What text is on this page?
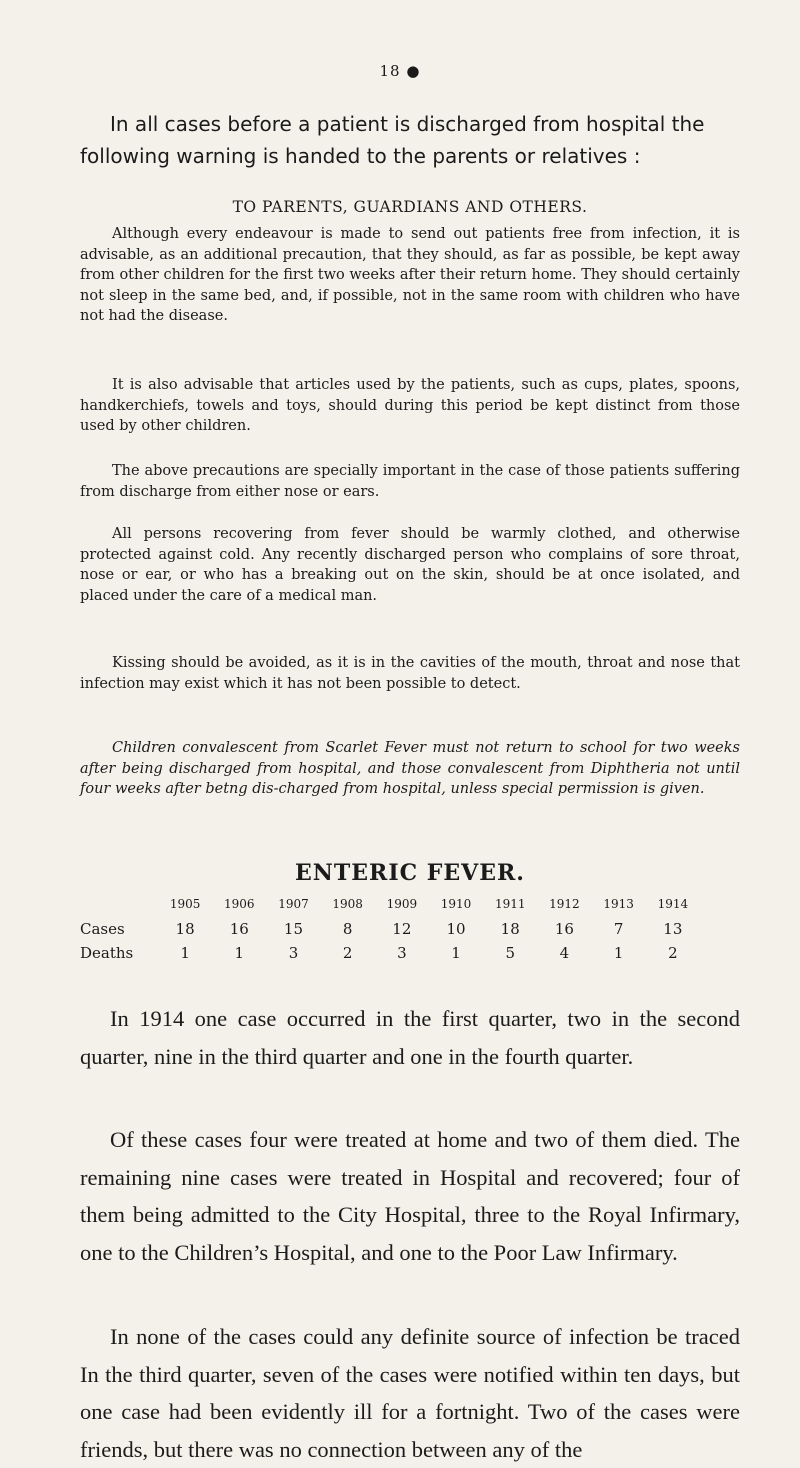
18 ●

In all cases before a patient is discharged from hospital the following warning is handed to the parents or relatives :

TO PARENTS, GUARDIANS AND OTHERS.

Although every endeavour is made to send out patients free from infection, it is advisable, as an additional precaution, that they should, as far as possible, be kept away from other children for the first two weeks after their return home. They should certainly not sleep in the same bed, and, if possible, not in the same room with children who have not had the disease.

It is also advisable that articles used by the patients, such as cups, plates, spoons, handkerchiefs, towels and toys, should during this period be kept distinct from those used by other children.

The above precautions are specially important in the case of those patients suffering from discharge from either nose or ears.

All persons recovering from fever should be warmly clothed, and otherwise protected against cold. Any recently discharged person who complains of sore throat, nose or ear, or who has a breaking out on the skin, should be at once isolated, and placed under the care of a medical man.

Kissing should be avoided, as it is in the cavities of the mouth, throat and nose that infection may exist which it has not been possible to detect.

Children convalescent from Scarlet Fever must not return to school for two weeks after being discharged from hospital, and those convalescent from Diphtheria not until four weeks after betng dis-charged from hospital, unless special permission is given.

ENTERIC FEVER.

	1905	1906	1907	1908	1909	1910	1911	1912	1913	1914
Cases	18	16	15	8	12	10	18	16	7	13
Deaths	1	1	3	2	3	1	5	4	1	2

In 1914 one case occurred in the first quarter, two in the second quarter, nine in the third quarter and one in the fourth quarter.

Of these cases four were treated at home and two of them died. The remaining nine cases were treated in Hospital and recovered; four of them being admitted to the City Hospital, three to the Royal Infirmary, one to the Children’s Hospital, and one to the Poor Law Infirmary.

In none of the cases could any definite source of infection be traced In the third quarter, seven of the cases were notified within ten days, but one case had been evidently ill for a fortnight. Two of the cases were friends, but there was no connection between any of the
